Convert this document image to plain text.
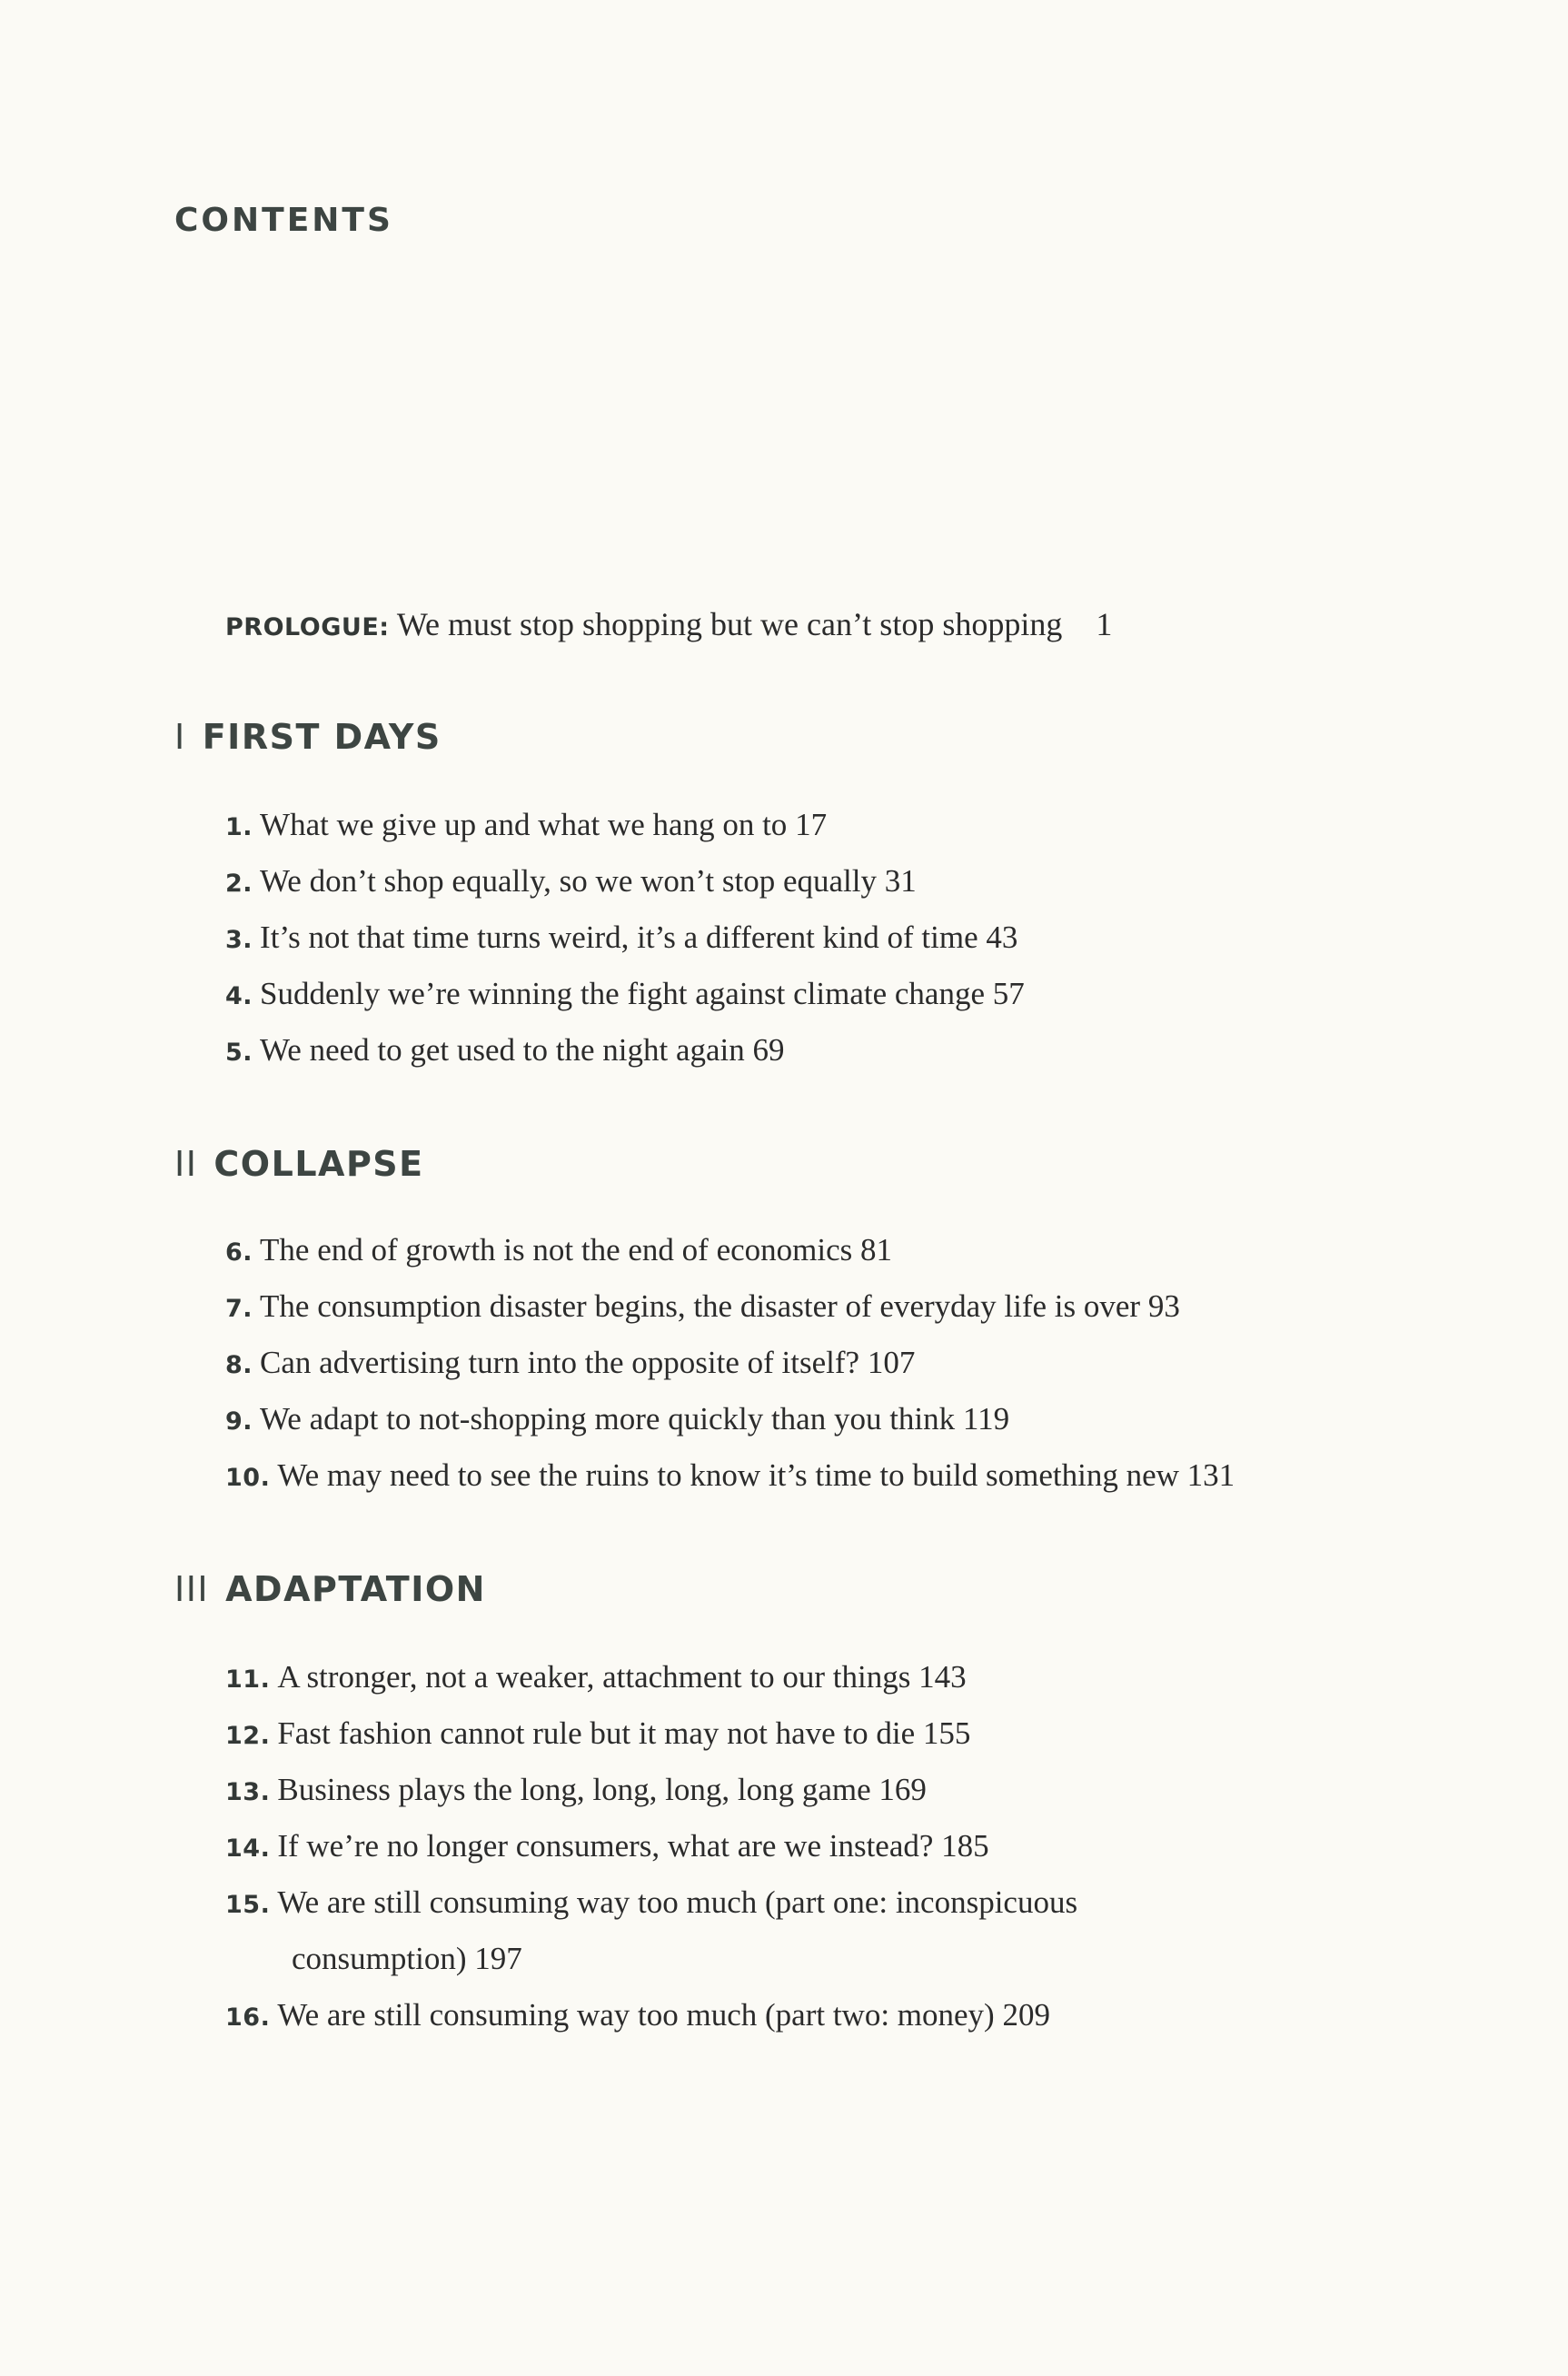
CONTENTS
PROLOGUE: We must stop shopping but we can’t stop shopping 1
I FIRST DAYS
1. What we give up and what we hang on to 17
2. We don’t shop equally, so we won’t stop equally 31
3. It’s not that time turns weird, it’s a different kind of time 43
4. Suddenly we’re winning the fight against climate change 57
5. We need to get used to the night again 69
II COLLAPSE
6. The end of growth is not the end of economics 81
7. The consumption disaster begins, the disaster of everyday life is over 93
8. Can advertising turn into the opposite of itself? 107
9. We adapt to not-shopping more quickly than you think 119
10. We may need to see the ruins to know it’s time to build something new 131
III ADAPTATION
11. A stronger, not a weaker, attachment to our things 143
12. Fast fashion cannot rule but it may not have to die 155
13. Business plays the long, long, long, long game 169
14. If we’re no longer consumers, what are we instead? 185
15. We are still consuming way too much (part one: inconspicuous
consumption) 197
16. We are still consuming way too much (part two: money) 209
